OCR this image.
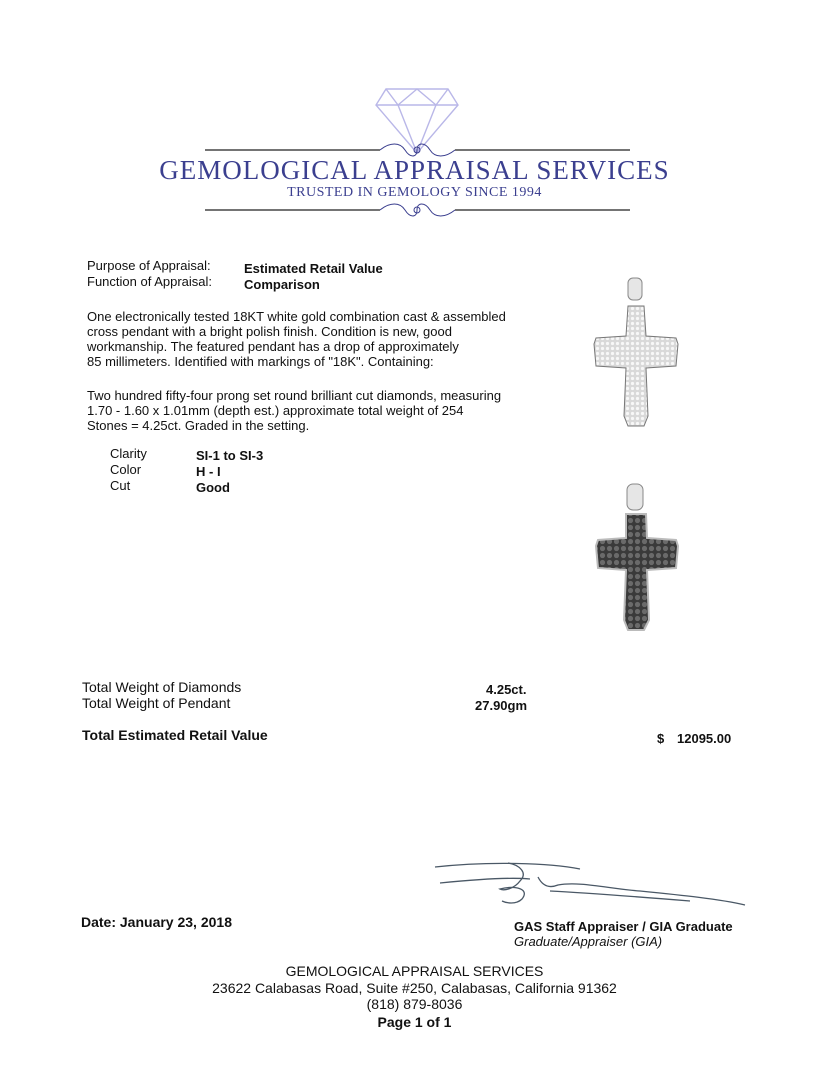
GEMOLOGICAL APPRAISAL SERVICES
TRUSTED IN GEMOLOGY SINCE 1994
Purpose of Appraisal:	Estimated Retail Value
Function of Appraisal: Comparison
One electronically tested 18KT white gold combination cast & assembled
cross pendant with a bright polish finish. Condition is new, good
workmanship. The featured pendant has a drop of approximately
85 millimeters. Identified with markings of "18K". Containing:
Two hundred fifty-four prong set round brilliant cut diamonds, measuring
1.70 - 1.60 x 1.01mm (depth est.) approximate total weight of 254
Stones = 4.25ct. Graded in the setting.
Clarity	SI-1 to SI-3
Color	H - I
Cut	Good
Total Weight of Diamonds	4.25ct.
Total Weight of Pendant	27.90gm
Total Estimated Retail Value	$ 12095.00
Date: January 23, 2018	GAS Staff Appraiser / GIA Graduate
Graduate/Appraiser (GIA)
GEMOLOGICAL APPRAISAL SERVICES
23622 Calabasas Road, Suite #250, Calabasas, California 91362
(818) 879-8036
Page 1 of 1
